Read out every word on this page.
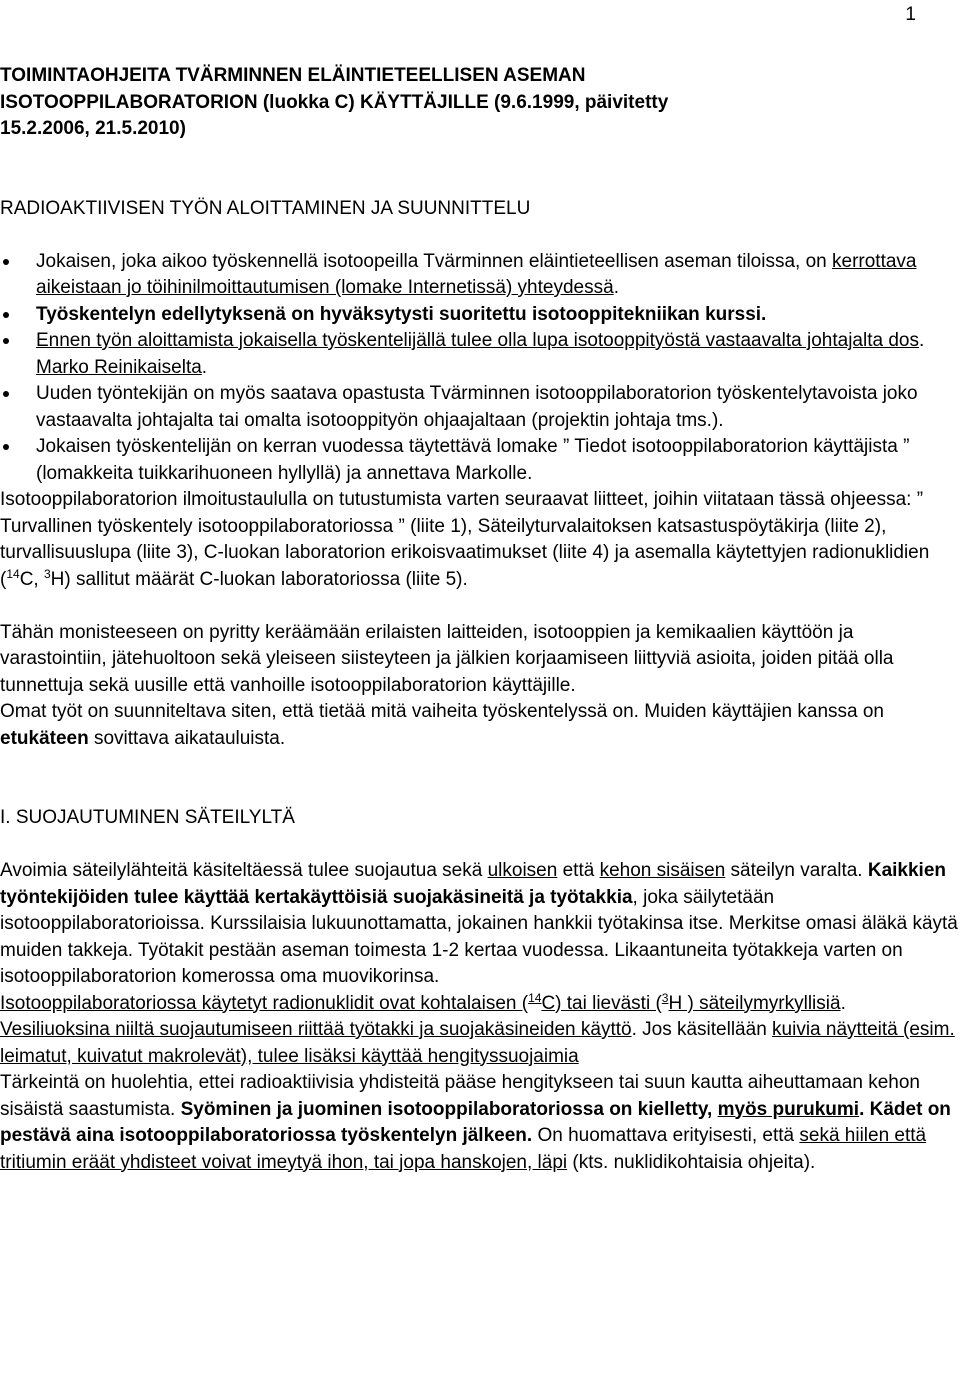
1
TOIMINTAOHJEITA TVÄRMINNEN ELÄINTIETEELLISEN ASEMAN
ISOTOOPPILABORATORION (luokka C) KÄYTTÄJILLE (9.6.1999, päivitetty
15.2.2006, 21.5.2010)
RADIOAKTIIVISEN TYÖN ALOITTAMINEN JA SUUNNITTELU
Jokaisen, joka aikoo työskennellä isotoopeilla Tvärminnen eläintieteellisen aseman tiloissa, on kerrottava aikeistaan jo töihinilmoittautumisen (lomake Internetissä) yhteydessä.
Työskentelyn edellytyksenä on hyväksytysti suoritettu isotooppitekniikan kurssi.
Ennen työn aloittamista jokaisella työskentelijällä tulee olla lupa isotooppityöstä vastaavalta johtajalta dos. Marko Reinikaiselta.
Uuden työntekijän on myös saatava opastusta Tvärminnen isotooppilaboratorion työskentelytavoista joko vastaavalta johtajalta tai omalta isotooppityön ohjaajaltaan (projektin johtaja tms.).
Jokaisen työskentelijän on kerran vuodessa täytettävä lomake ” Tiedot isotooppilaboratorion käyttäjista ” (lomakkeita tuikkarihuoneen hyllyllä) ja annettava Markolle.

Isotooppilaboratorion ilmoitustaululla on tutustumista varten seuraavat liitteet, joihin viitataan tässä ohjeessa: ” Turvallinen työskentely isotooppilaboratoriossa ” (liite 1), Säteilyturvalaitoksen katsastuspöytäkirja (liite 2), turvallisuuslupa (liite 3), C-luokan laboratorion erikoisvaatimukset (liite 4) ja asemalla käytettyjen radionuklidien ($^{14}$C, $^3$H) sallitut määrät C-luokan laboratoriossa (liite 5).

Tähän monisteeseen on pyritty keräämään erilaisten laitteiden, isotooppien ja kemikaalien käyttöön ja varastointiin, jätehuoltoon sekä yleiseen siisteyteen ja jälkien korjaamiseen liittyviä asioita, joiden pitää olla tunnettuja sekä uusille että vanhoille isotooppilaboratorion käyttäjille.

Omat työt on suunniteltava siten, että tietää mitä vaiheita työskentelyssä on. Muiden käyttäjien kanssa on etukäteen sovittava aikatauluista.

I. SUOJAUTUMINEN SÄTEILYLTÄ

Avoimia säteilylähteitä käsiteltäessä tulee suojautua sekä ulkoisen että kehon sisäisen säteilyn varalta. Kaikkien työntekijöiden tulee käyttää kertakäyttöisiä suojakäsineitä ja työtakkia, joka säilytetään isotooppilaboratorioissa. Kurssilaisia lukuunottamatta, jokainen hankkii työtakinsa itse. Merkitse omasi äläkä käytä muiden takkeja. Työtakit pestään aseman toimesta 1-2 kertaa vuodessa. Likaantuneita työtakkeja varten on isotooppilaboratorion komerossa oma muovikorinsa.

Isotooppilaboratoriossa käytetyt radionuklidit ovat kohtalaisen ($^{14}$C) tai lievästi ($^3$H ) säteilymyrkyllisiä. Vesiliuoksina niiltä suojautumiseen riittää työtakki ja suojakäsineiden käyttö. Jos käsitellään kuivia näytteitä (esim. leimatut, kuivatut makrolevät), tulee lisäksi käyttää hengityssuojaimia

Tärkeintä on huolehtia, ettei radioaktiivisia yhdisteitä pääse hengitykseen tai suun kautta aiheuttamaan kehon sisäistä saastumista. Syöminen ja juominen isotooppilaboratoriossa on kielletty, myös purukumi. Kädet on pestävä aina isotooppilaboratoriossa työskentelyn jälkeen. On huomattava erityisesti, että sekä hiilen että tritiumin eräät yhdisteet voivat imeytyä ihon, tai jopa hanskojen, läpi (kts. nuklidikohtaisia ohjeita).
